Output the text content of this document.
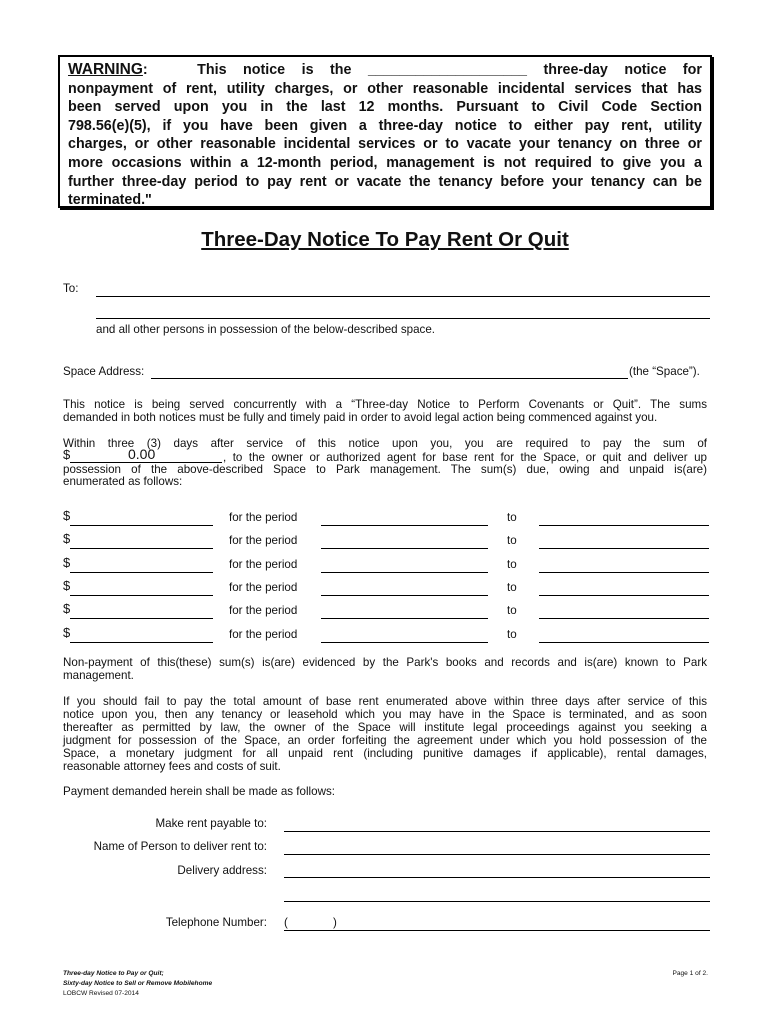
WARNING:   This notice is the ____________________ three-day notice for

nonpayment of rent, utility charges, or other reasonable incidental services that has

been served upon you in the last 12 months. Pursuant to Civil Code Section

798.56(e)(5), if you have been given a three-day notice to either pay rent, utility

charges, or other reasonable incidental services or to vacate your tenancy on three or

more occasions within a 12-month period, management is not required to give you a

further three-day period to pay rent or vacate the tenancy before your tenancy can be

terminated."

Three-Day Notice To Pay Rent Or Quit
To:
and all other persons in possession of the below-described space.
Space Address:	(the “Space”).
This notice is being served concurrently with a “Three-day Notice to Perform Covenants or Quit”. The sums
demanded in both notices must be fully and timely paid in order to avoid legal action being commenced against you.
Within three (3) days after service of this notice upon you, you are required to pay the sum of
$	0.00	, to the owner or authorized agent for base rent for the Space, or quit and deliver up
possession of the above-described Space to Park management. The sum(s) due, owing and unpaid is(are)
enumerated as follows:
$	for the period	to
$	for the period	to
$	for the period	to
$	for the period	to
$	for the period	to
$	for the period	to
Non-payment of this(these) sum(s) is(are) evidenced by the Park's books and records and is(are) known to Park
management.
If you should fail to pay the total amount of base rent enumerated above within three days after service of this
notice upon you, then any tenancy or leasehold which you may have in the Space is terminated, and as soon
thereafter as permitted by law, the owner of the Space will institute legal proceedings against you seeking a
judgment for possession of the Space, an order forfeiting the agreement under which you hold possession of the
Space, a monetary judgment for all unpaid rent (including punitive damages if applicable), rental damages,
reasonable attorney fees and costs of suit.
Payment demanded herein shall be made as follows:
Make rent payable to:
Name of Person to deliver rent to:
Delivery address:
Telephone Number: (	)
Three-day Notice to Pay or Quit;
Sixty-day Notice to Sell or Remove Mobilehome
LOBCW Revised 07-2014
Page 1 of 2.
